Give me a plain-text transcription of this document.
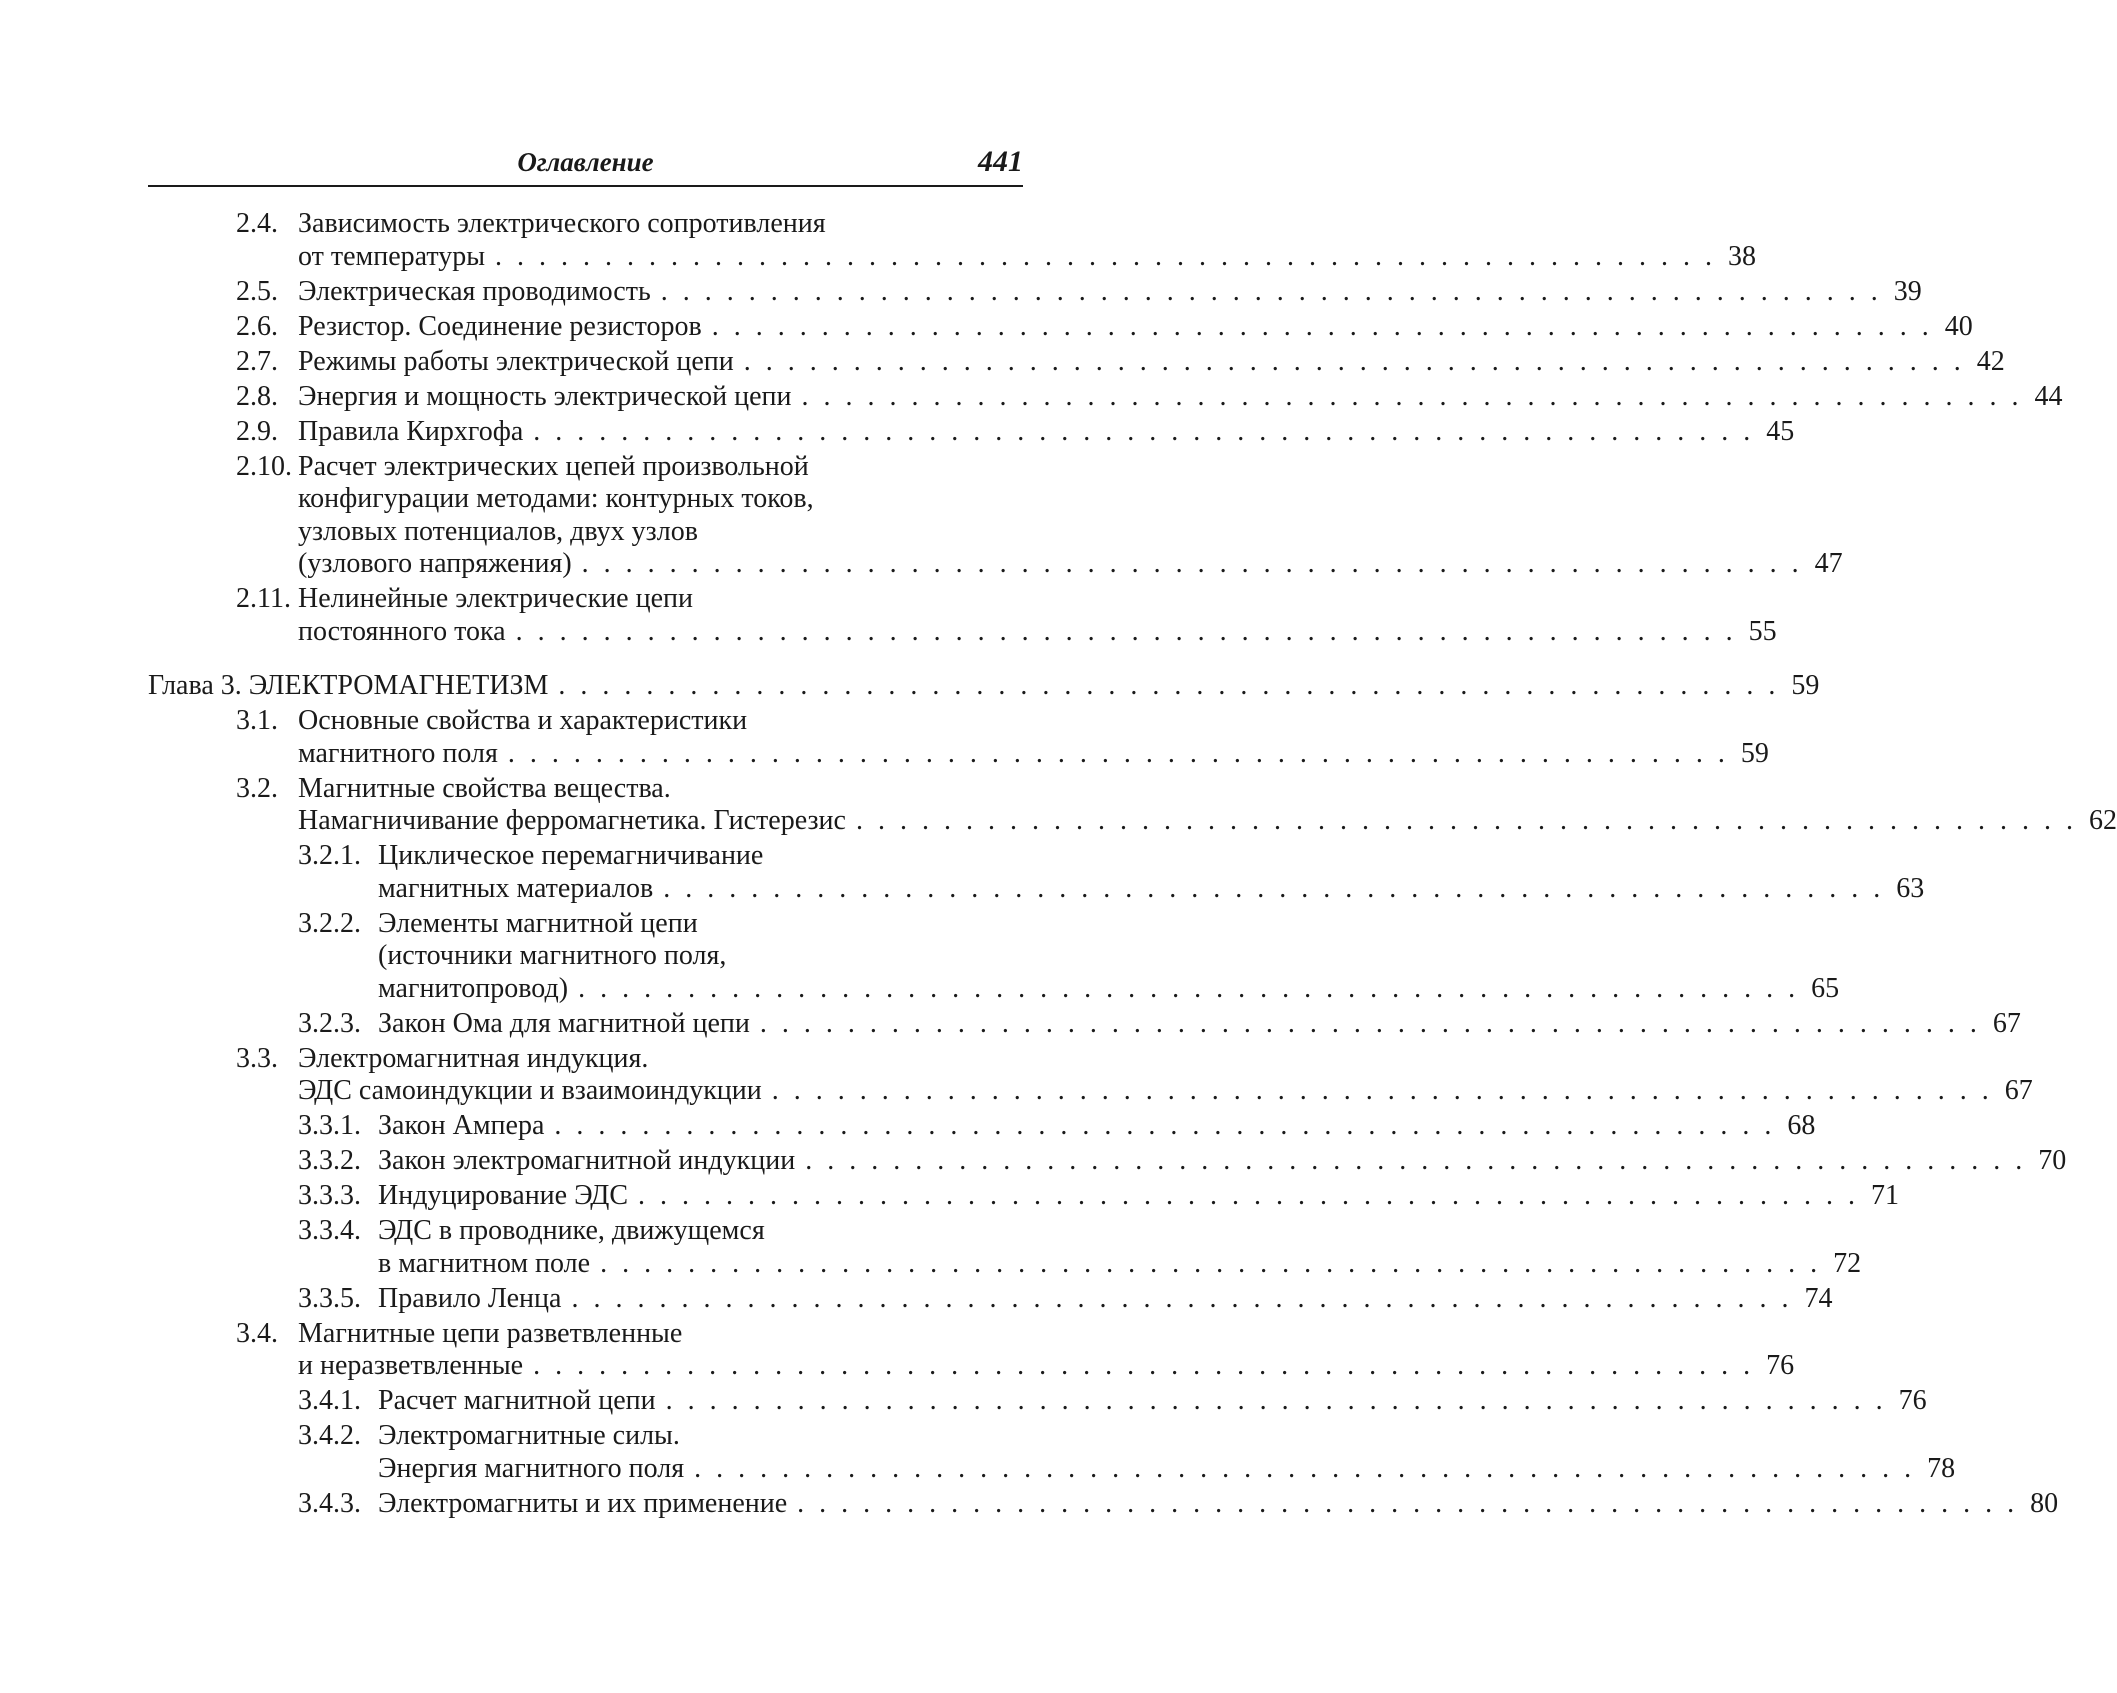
Оглавление	441
2.4. Зависимость электрического сопротивления
от температуры . . . . . . . . . . . . . . . . . . . . . . . . . . . . . . . . . . . . . . . . . . . . . . . . . . . . . . . . 38
2.5. Электрическая проводимость . . . . . . . . . . . . . . . . . . . . . . . . . . . . . . . . . . . . . . . . . . . . . . . . . . . . . . . . 39
2.6. Резистор. Соединение резисторов . . . . . . . . . . . . . . . . . . . . . . . . . . . . . . . . . . . . . . . . . . . . . . . . . . . . . . . . 40
2.7. Режимы работы электрической цепи . . . . . . . . . . . . . . . . . . . . . . . . . . . . . . . . . . . . . . . . . . . . . . . . . . . . . . . . 42
2.8. Энергия и мощность электрической цепи . . . . . . . . . . . . . . . . . . . . . . . . . . . . . . . . . . . . . . . . . . . . . . . . . . . . . . . . 44
2.9. Правила Кирхгофа . . . . . . . . . . . . . . . . . . . . . . . . . . . . . . . . . . . . . . . . . . . . . . . . . . . . . . . . 45
2.10. Расчет электрических цепей произвольной
конфигурации методами: контурных токов,
узловых потенциалов, двух узлов
(узлового напряжения) . . . . . . . . . . . . . . . . . . . . . . . . . . . . . . . . . . . . . . . . . . . . . . . . . . . . . . . . 47
2.11. Нелинейные электрические цепи
постоянного тока . . . . . . . . . . . . . . . . . . . . . . . . . . . . . . . . . . . . . . . . . . . . . . . . . . . . . . . . 55
Глава 3. ЭЛЕКТРОМАГНЕТИЗМ . . . . . . . . . . . . . . . . . . . . . . . . . . . . . . . . . . . . . . . . . . . . . . . . . . . . . . . . 59
3.1. Основные свойства и характеристики
магнитного поля . . . . . . . . . . . . . . . . . . . . . . . . . . . . . . . . . . . . . . . . . . . . . . . . . . . . . . . . 59
3.2. Магнитные свойства вещества.
Намагничивание ферромагнетика. Гистерезис . . . . . . . . . . . . . . . . . . . . . . . . . . . . . . . . . . . . . . . . . . . . . . . . . . . . . . . . 62
3.2.1. Циклическое перемагничивание
магнитных материалов . . . . . . . . . . . . . . . . . . . . . . . . . . . . . . . . . . . . . . . . . . . . . . . . . . . . . . . . 63
3.2.2. Элементы магнитной цепи
(источники магнитного поля,
магнитопровод) . . . . . . . . . . . . . . . . . . . . . . . . . . . . . . . . . . . . . . . . . . . . . . . . . . . . . . . . 65
3.2.3. Закон Ома для магнитной цепи . . . . . . . . . . . . . . . . . . . . . . . . . . . . . . . . . . . . . . . . . . . . . . . . . . . . . . . . 67
3.3. Электромагнитная индукция.
ЭДС самоиндукции и взаимоиндукции . . . . . . . . . . . . . . . . . . . . . . . . . . . . . . . . . . . . . . . . . . . . . . . . . . . . . . . . 67
3.3.1. Закон Ампера . . . . . . . . . . . . . . . . . . . . . . . . . . . . . . . . . . . . . . . . . . . . . . . . . . . . . . . . 68
3.3.2. Закон электромагнитной индукции . . . . . . . . . . . . . . . . . . . . . . . . . . . . . . . . . . . . . . . . . . . . . . . . . . . . . . . . 70
3.3.3. Индуцирование ЭДС . . . . . . . . . . . . . . . . . . . . . . . . . . . . . . . . . . . . . . . . . . . . . . . . . . . . . . . . 71
3.3.4. ЭДС в проводнике, движущемся
в магнитном поле . . . . . . . . . . . . . . . . . . . . . . . . . . . . . . . . . . . . . . . . . . . . . . . . . . . . . . . . 72
3.3.5. Правило Ленца . . . . . . . . . . . . . . . . . . . . . . . . . . . . . . . . . . . . . . . . . . . . . . . . . . . . . . . . 74
3.4. Магнитные цепи разветвленные
и неразветвленные . . . . . . . . . . . . . . . . . . . . . . . . . . . . . . . . . . . . . . . . . . . . . . . . . . . . . . . . 76
3.4.1. Расчет магнитной цепи . . . . . . . . . . . . . . . . . . . . . . . . . . . . . . . . . . . . . . . . . . . . . . . . . . . . . . . . 76
3.4.2. Электромагнитные силы.
Энергия магнитного поля . . . . . . . . . . . . . . . . . . . . . . . . . . . . . . . . . . . . . . . . . . . . . . . . . . . . . . . . 78
3.4.3. Электромагниты и их применение . . . . . . . . . . . . . . . . . . . . . . . . . . . . . . . . . . . . . . . . . . . . . . . . . . . . . . . . 80
